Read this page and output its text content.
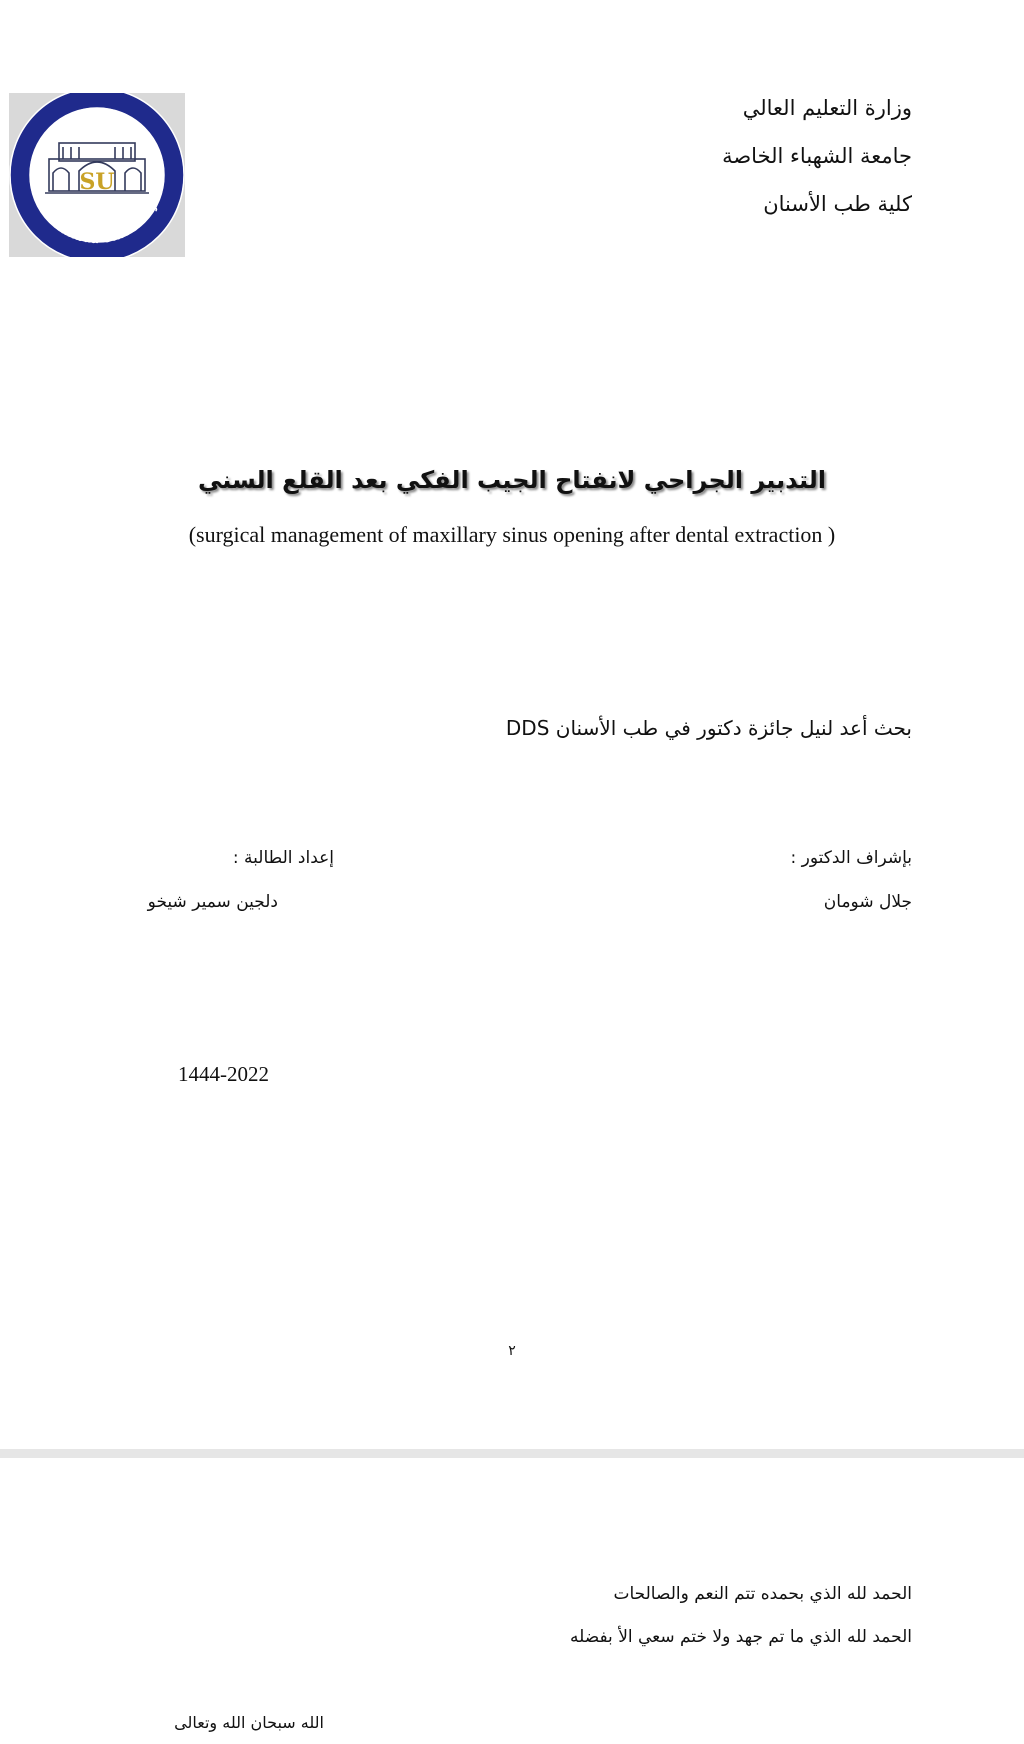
SU
جامعة الشهباء الخاصة
Al-Shahbaa University
وزارة التعليم العالي
جامعة الشهباء الخاصة
كلية طب الأسنان
التدبير الجراحي لانفتاح الجيب الفكي بعد القلع السني
(surgical management of maxillary sinus opening after dental extraction )
بحث أعد لنيل جائزة دكتور في طب الأسنان DDS
بإشراف الدكتور :
إعداد الطالبة :
جلال شومان
دلجين سمير شيخو
1444-2022
٢
الحمد لله الذي بحمده تتم النعم والصالحات
الحمد لله الذي ما تم جهد ولا ختم سعي الأ بفضله
الله سبحان الله وتعالى
